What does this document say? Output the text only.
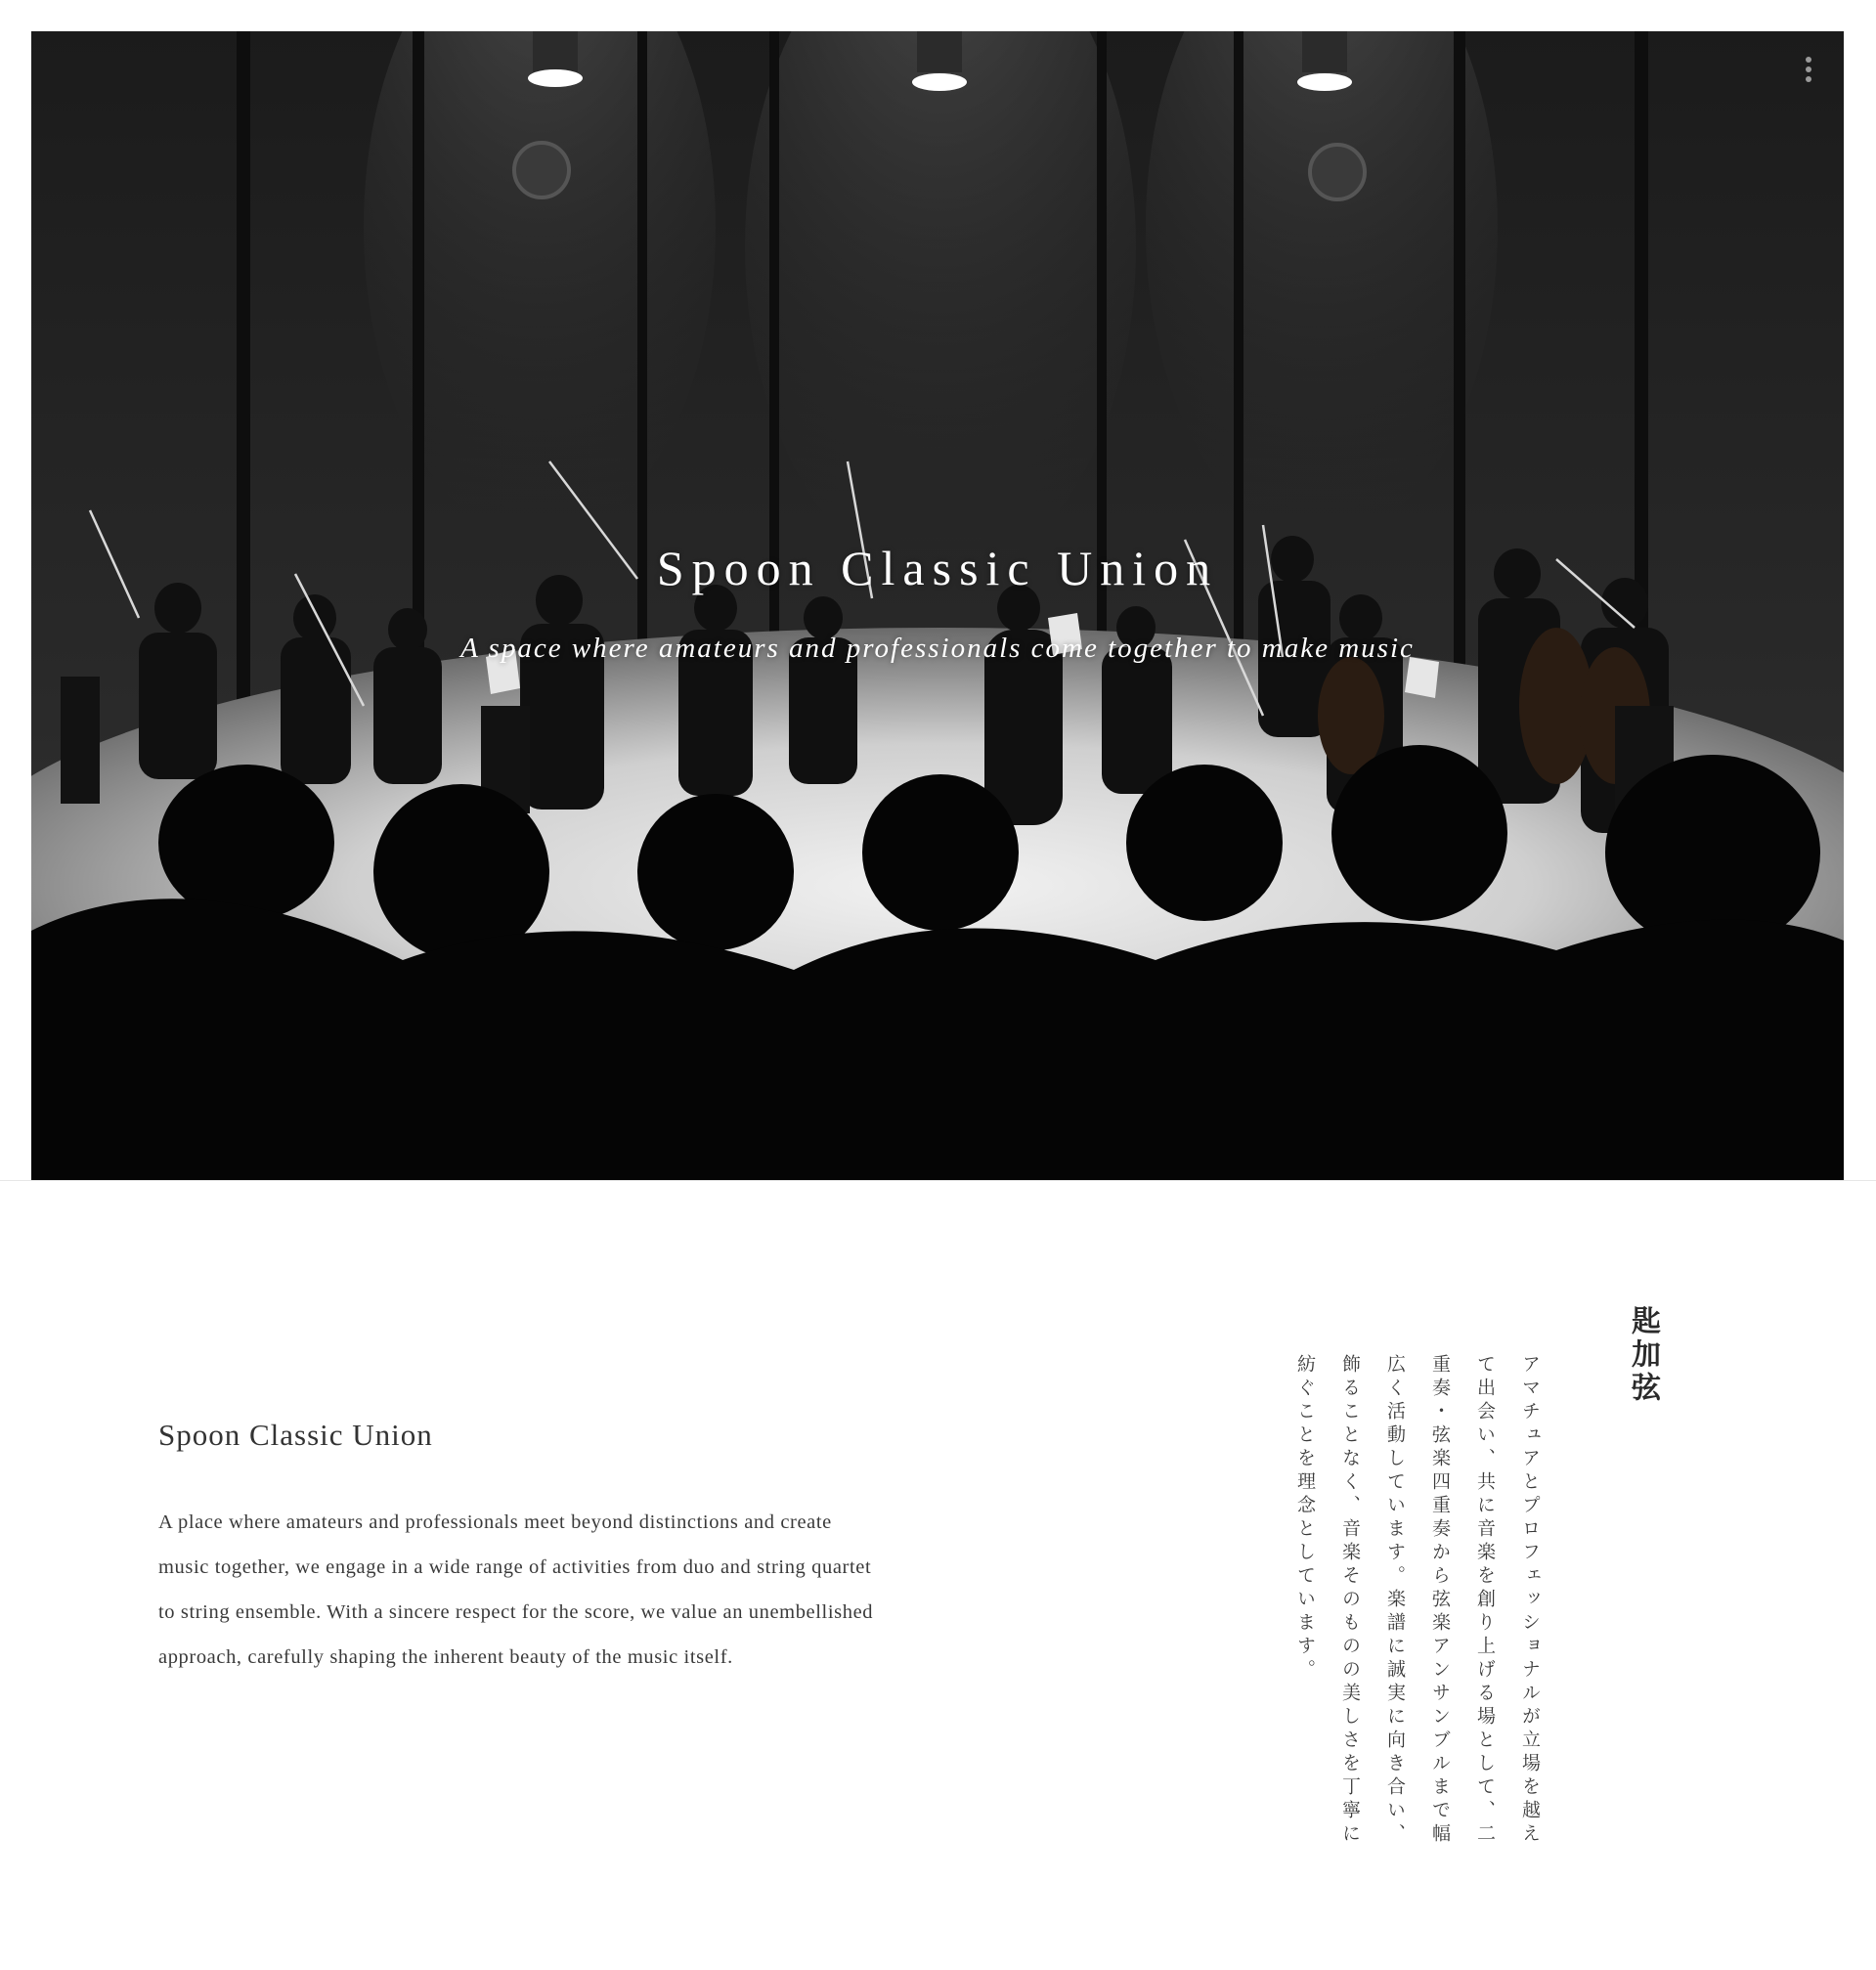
Spoon Classic Union
A space where amateurs and professionals come together to make music
Spoon Classic Union

A place where amateurs and professionals meet beyond distinctions and create music together, we engage in a wide range of activities from duo and string quartet to string ensemble. With a sincere respect for the score, we value an unembellished approach, carefully shaping the inherent beauty of the music itself.

匙加弦
アマチュアとプロフェッショナルが立場を越えて出会い、共に音楽を創り上げる場として、二重奏・弦楽四重奏から弦楽アンサンブルまで幅広く活動しています。楽譜に誠実に向き合い、飾ることなく、音楽そのものの美しさを丁寧に紡ぐことを理念としています。
